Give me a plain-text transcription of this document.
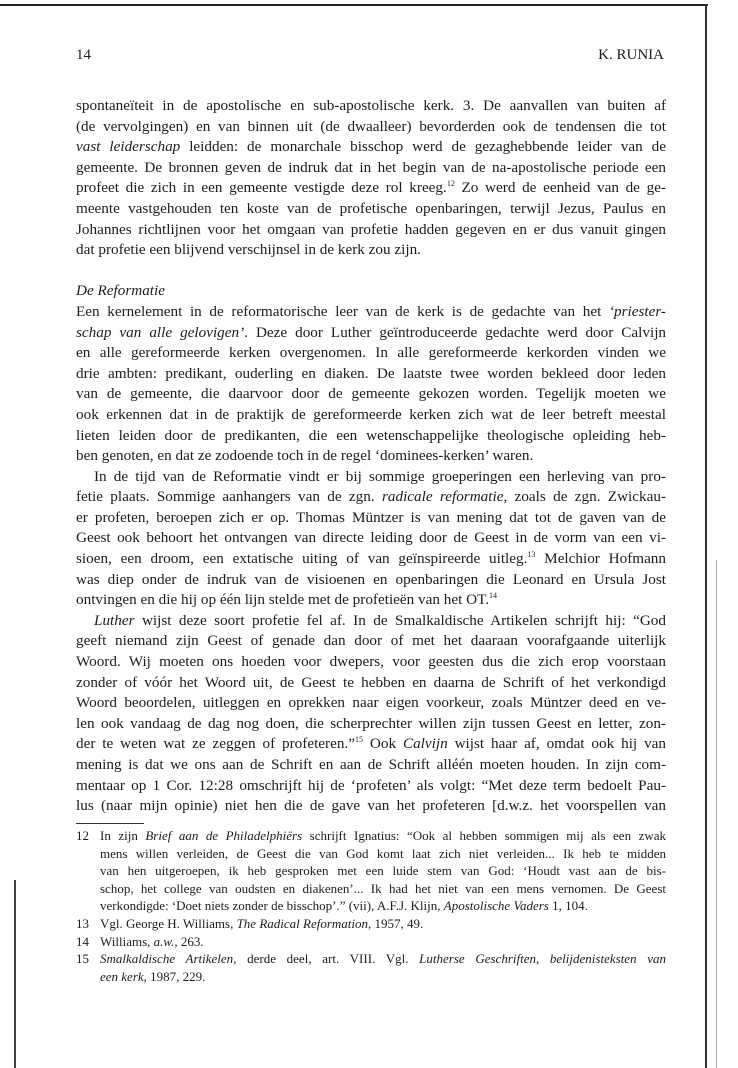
14	K. RUNIA
spontaneïteit in de apostolische en sub-apostolische kerk. 3. De aanvallen van buiten af
(de vervolgingen) en van binnen uit (de dwaalleer) bevorderden ook de tendensen die tot
vast leiderschap leidden: de monarchale bisschop werd de gezaghebbende leider van de
gemeente. De bronnen geven de indruk dat in het begin van de na-apostolische periode een
profeet die zich in een gemeente vestigde deze rol kreeg.$^{12}$ Zo werd de eenheid van de ge-
meente vastgehouden ten koste van de profetische openbaringen, terwijl Jezus, Paulus en
Johannes richtlijnen voor het omgaan van profetie hadden gegeven en er dus vanuit gingen
dat profetie een blijvend verschijnsel in de kerk zou zijn.
De Reformatie
Een kernelement in de reformatorische leer van de kerk is de gedachte van het ‘priester-
schap van alle gelovigen’. Deze door Luther geïntroduceerde gedachte werd door Calvijn
en alle gereformeerde kerken overgenomen. In alle gereformeerde kerkorden vinden we
drie ambten: predikant, ouderling en diaken. De laatste twee worden bekleed door leden
van de gemeente, die daarvoor door de gemeente gekozen worden. Tegelijk moeten we
ook erkennen dat in de praktijk de gereformeerde kerken zich wat de leer betreft meestal
lieten leiden door de predikanten, die een wetenschappelijke theologische opleiding heb-
ben genoten, en dat ze zodoende toch in de regel ‘dominees-kerken’ waren.
In de tijd van de Reformatie vindt er bij sommige groeperingen een herleving van pro-
fetie plaats. Sommige aanhangers van de zgn. radicale reformatie, zoals de zgn. Zwickau-
er profeten, beroepen zich er op. Thomas Müntzer is van mening dat tot de gaven van de
Geest ook behoort het ontvangen van directe leiding door de Geest in de vorm van een vi-
sioen, een droom, een extatische uiting of van geïnspireerde uitleg.$^{13}$ Melchior Hofmann
was diep onder de indruk van de visioenen en openbaringen die Leonard en Ursula Jost
ontvingen en die hij op één lijn stelde met de profetieën van het OT.$^{14}$
Luther wijst deze soort profetie fel af. In de Smalkaldische Artikelen schrijft hij: “God
geeft niemand zijn Geest of genade dan door of met het daaraan voorafgaande uiterlijk
Woord. Wij moeten ons hoeden voor dwepers, voor geesten dus die zich erop voorstaan
zonder of vóór het Woord uit, de Geest te hebben en daarna de Schrift of het verkondigd
Woord beoordelen, uitleggen en oprekken naar eigen voorkeur, zoals Müntzer deed en ve-
len ook vandaag de dag nog doen, die scherprechter willen zijn tussen Geest en letter, zon-
der te weten wat ze zeggen of profeteren.”$^{15}$ Ook Calvijn wijst haar af, omdat ook hij van
mening is dat we ons aan de Schrift en aan de Schrift alléén moeten houden. In zijn com-
mentaar op 1 Cor. 12:28 omschrijft hij de ‘profeten’ als volgt: “Met deze term bedoelt Pau-
lus (naar mijn opinie) niet hen die de gave van het profeteren [d.w.z. het voorspellen van
12 In zijn Brief aan de Philadelphiërs schrijft Ignatius: “Ook al hebben sommigen mij als een zwak
mens willen verleiden, de Geest die van God komt laat zich niet verleiden... Ik heb te midden
van hen uitgeroepen, ik heb gesproken met een luide stem van God: ‘Houdt vast aan de bis-
schop, het college van oudsten en diakenen’... Ik had het niet van een mens vernomen. De Geest
verkondigde: ‘Doet niets zonder de bisschop’.” (vii), A.F.J. Klijn, Apostolische Vaders 1, 104.
13 Vgl. George H. Williams, The Radical Reformation, 1957, 49.
14 Williams, a.w., 263.
15 Smalkaldische Artikelen, derde deel, art. VIII. Vgl. Lutherse Geschriften, belijdenisteksten van
een kerk, 1987, 229.
